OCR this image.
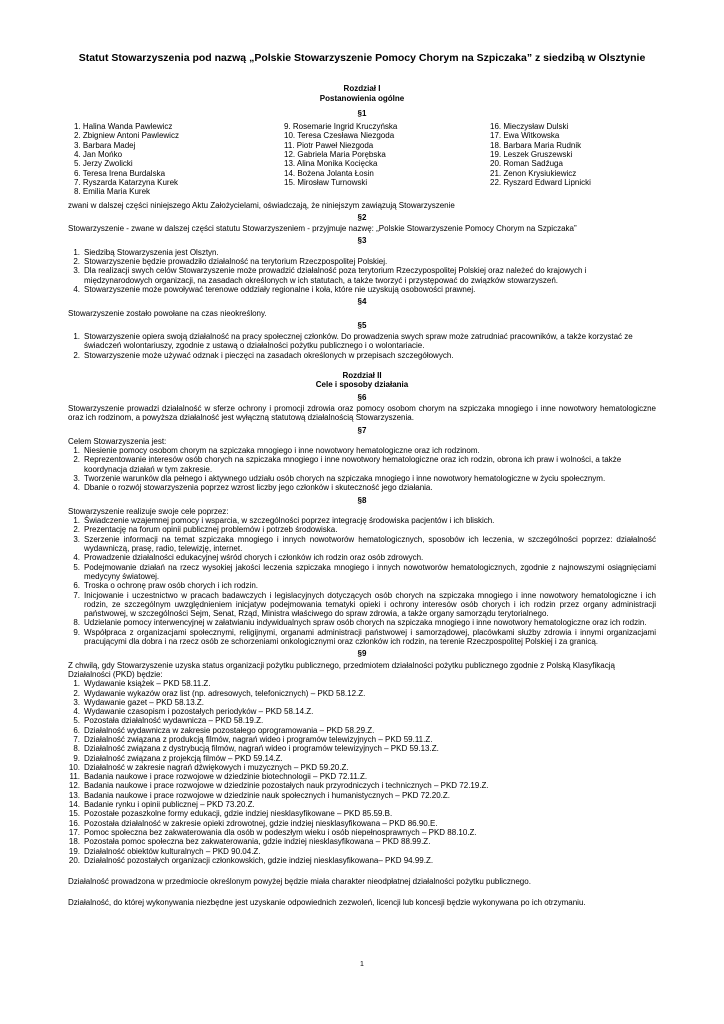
Statut Stowarzyszenia pod nazwą „Polskie Stowarzyszenie Pomocy Chorym na Szpiczaka” z siedzibą w Olsztynie
Rozdział I
Postanowienia ogólne
§1
1. Halina Wanda Pawlewicz
2. Zbigniew Antoni Pawlewicz
3. Barbara Madej
4. Jan Mońko
5. Jerzy Zwolicki
6. Teresa Irena Burdalska
7. Ryszarda Katarzyna Kurek
8. Emilia Maria Kurek
9. Rosemarie Ingrid Kruczyńska
10. Teresa Czesława Niezgoda
11. Piotr Paweł Niezgoda
12. Gabriela Maria Porębska
13. Alina Monika Kocięcka
14. Bożena Jolanta Łosin
15. Mirosław Turnowski
16. Mieczysław Dulski
17. Ewa Witkowska
18. Barbara Maria Rudnik
19. Leszek Gruszewski
20. Roman Sadźuga
21. Zenon Krysiukiewicz
22. Ryszard Edward Lipnicki

zwani w dalszej części niniejszego Aktu Założycielami, oświadczają, że niniejszym zawiązują Stowarzyszenie

§2

Stowarzyszenie - zwane w dalszej części statutu Stowarzyszeniem - przyjmuje nazwę: „Polskie Stowarzyszenie Pomocy Chorym na Szpiczaka”

§3
1. Siedzibą Stowarzyszenia jest Olsztyn.
2. Stowarzyszenie będzie prowadziło działalność na terytorium Rzeczpospolitej Polskiej.
3. Dla realizacji swych celów Stowarzyszenie może prowadzić działalność poza terytorium Rzeczypospolitej Polskiej oraz należeć do krajowych i międzynarodowych organizacji, na zasadach określonych w ich statutach, a także tworzyć i przystępować do związków stowarzyszeń.
4. Stowarzyszenie może powoływać terenowe oddziały regionalne i koła, które nie uzyskują osobowości prawnej.
§4

Stowarzyszenie zostało powołane na czas nieokreślony.

§5
1. Stowarzyszenie opiera swoją działalność na pracy społecznej członków. Do prowadzenia swych spraw może zatrudniać pracowników, a także korzystać ze świadczeń wolontariuszy, zgodnie z ustawą o działalności pożytku publicznego i o wolontariacie.
2. Stowarzyszenie może używać odznak i pieczęci na zasadach określonych w przepisach szczegółowych.
Rozdział II
Cele i sposoby działania
§6

Stowarzyszenie prowadzi działalność w sferze ochrony i promocji zdrowia oraz pomocy osobom chorym na szpiczaka mnogiego i inne nowotwory hematologiczne oraz ich rodzinom, a powyższa działalność jest wyłączną statutową działalnością Stowarzyszenia.

§7

Celem Stowarzyszenia jest:

1. Niesienie pomocy osobom chorym na szpiczaka mnogiego i inne nowotwory hematologiczne oraz ich rodzinom.
2. Reprezentowanie interesów osób chorych na szpiczaka mnogiego i inne nowotwory hematologiczne oraz ich rodzin, obrona ich praw i wolności, a także koordynacja działań w tym zakresie.
3. Tworzenie warunków dla pełnego i aktywnego udziału osób chorych na szpiczaka mnogiego i inne nowotwory hematologiczne w życiu społecznym.
4. Dbanie o rozwój stowarzyszenia poprzez wzrost liczby jego członków i skuteczność jego działania.
§8

Stowarzyszenie realizuje swoje cele poprzez:

1. Świadczenie wzajemnej pomocy i wsparcia, w szczególności poprzez integrację środowiska pacjentów i ich bliskich.
2. Prezentację na forum opinii publicznej problemów i potrzeb środowiska.
3. Szerzenie informacji na temat szpiczaka mnogiego i innych nowotworów hematologicznych, sposobów ich leczenia, w szczególności poprzez: działalność wydawniczą, prasę, radio, telewizję, internet.
4. Prowadzenie działalności edukacyjnej wśród chorych i członków ich rodzin oraz osób zdrowych.
5. Podejmowanie działań na rzecz wysokiej jakości leczenia szpiczaka mnogiego i innych nowotworów hematologicznych, zgodnie z najnowszymi osiągnięciami medycyny światowej.
6. Troska o ochronę praw osób chorych i ich rodzin.
7. Inicjowanie i uczestnictwo w pracach badawczych i legislacyjnych dotyczących osób chorych na szpiczaka mnogiego i inne nowotwory hematologiczne i ich rodzin, ze szczególnym uwzględnieniem inicjatyw podejmowania tematyki opieki i ochrony interesów osób chorych i ich rodzin przez organy administracji państwowej, w szczególności Sejm, Senat, Rząd, Ministra właściwego do spraw zdrowia, a także organy samorządu terytorialnego.
8. Udzielanie pomocy interwencyjnej w załatwianiu indywidualnych spraw osób chorych na szpiczaka mnogiego i inne nowotwory hematologiczne oraz ich rodzin.
9. Współpraca z organizacjami społecznymi, religijnymi, organami administracji państwowej i samorządowej, placówkami służby zdrowia i innymi organizacjami pracującymi dla dobra i na rzecz osób ze schorzeniami onkologicznymi oraz członków ich rodzin, na terenie Rzeczpospolitej Polskiej i za granicą.
§9

Z chwilą, gdy Stowarzyszenie uzyska status organizacji pożytku publicznego, przedmiotem działalności pożytku publicznego zgodnie z Polską Klasyfikacją Działalności (PKD) będzie:

1. Wydawanie książek – PKD 58.11.Z.
2. Wydawanie wykazów oraz list (np. adresowych, telefonicznych) – PKD 58.12.Z.
3. Wydawanie gazet – PKD 58.13.Z.
4. Wydawanie czasopism i pozostałych periodyków – PKD 58.14.Z.
5. Pozostała działalność wydawnicza – PKD 58.19.Z.
6. Działalność wydawnicza w zakresie pozostałego oprogramowania – PKD 58.29.Z.
7. Działalność związana z produkcją filmów, nagrań wideo i programów telewizyjnych – PKD 59.11.Z.
8. Działalność związana z dystrybucją filmów, nagrań wideo i programów telewizyjnych – PKD 59.13.Z.
9. Działalność związana z projekcją filmów – PKD 59.14.Z.
10. Działalność w zakresie nagrań dźwiękowych i muzycznych – PKD 59.20.Z.
11. Badania naukowe i prace rozwojowe w dziedzinie biotechnologii – PKD 72.11.Z.
12. Badania naukowe i prace rozwojowe w dziedzinie pozostałych nauk przyrodniczych i technicznych – PKD 72.19.Z.
13. Badania naukowe i prace rozwojowe w dziedzinie nauk społecznych i humanistycznych – PKD 72.20.Z.
14. Badanie rynku i opinii publicznej – PKD 73.20.Z.
15. Pozostałe pozaszkolne formy edukacji, gdzie indziej niesklasyfikowane – PKD 85.59.B.
16. Pozostała działalność w zakresie opieki zdrowotnej, gdzie indziej niesklasyfikowana – PKD 86.90.E.
17. Pomoc społeczna bez zakwaterowania dla osób w podeszłym wieku i osób niepełnosprawnych – PKD 88.10.Z.
18. Pozostała pomoc społeczna bez zakwaterowania, gdzie indziej niesklasyfikowana – PKD 88.99.Z.
19. Działalność obiektów kulturalnych – PKD 90.04.Z.
20. Działalność pozostałych organizacji członkowskich, gdzie indziej niesklasyfikowana– PKD 94.99.Z.

Działalność prowadzona w przedmiocie określonym powyżej będzie miała charakter nieodpłatnej działalności pożytku publicznego.

Działalność, do której wykonywania niezbędne jest uzyskanie odpowiednich zezwoleń, licencji lub koncesji będzie wykonywana po ich otrzymaniu.

1
